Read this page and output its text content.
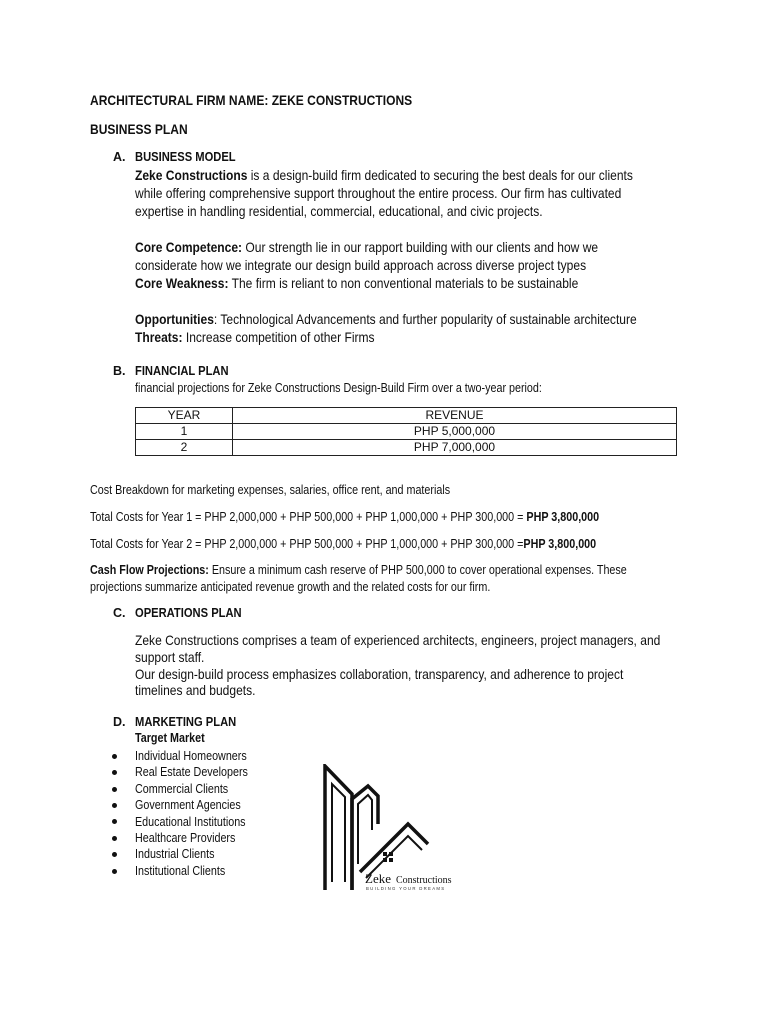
ARCHITECTURAL FIRM NAME: ZEKE CONSTRUCTIONS
BUSINESS PLAN
A. BUSINESS MODEL
Zeke Constructions is a design-build firm dedicated to securing the best deals for our clients
while offering comprehensive support throughout the entire process. Our firm has cultivated
expertise in handling residential, commercial, educational, and civic projects.
Core Competence: Our strength lie in our rapport building with our clients and how we
considerate how we integrate our design build approach across diverse project types
Core Weakness: The firm is reliant to non conventional materials to be sustainable
Opportunities: Technological Advancements and further popularity of sustainable architecture
Threats: Increase competition of other Firms
B. FINANCIAL PLAN
financial projections for Zeke Constructions Design-Build Firm over a two-year period:
YEAR	REVENUE
1	PHP 5,000,000
2	PHP 7,000,000
Cost Breakdown for marketing expenses, salaries, office rent, and materials
Total Costs for Year 1 = PHP 2,000,000 + PHP 500,000 + PHP 1,000,000 + PHP 300,000 = PHP 3,800,000
Total Costs for Year 2 = PHP 2,000,000 + PHP 500,000 + PHP 1,000,000 + PHP 300,000 =PHP 3,800,000
Cash Flow Projections: Ensure a minimum cash reserve of PHP 500,000 to cover operational expenses. These
projections summarize anticipated revenue growth and the related costs for our firm.
C. OPERATIONS PLAN
Zeke Constructions comprises a team of experienced architects, engineers, project managers, and
support staff.
Our design-build process emphasizes collaboration, transparency, and adherence to project
timelines and budgets.
D. MARKETING PLAN
Target Market
Individual Homeowners
Real Estate Developers
Commercial Clients
Government Agencies
Educational Institutions
Healthcare Providers
Industrial Clients
Institutional Clients
Zeke Constructions
BUILDING YOUR DREAMS
